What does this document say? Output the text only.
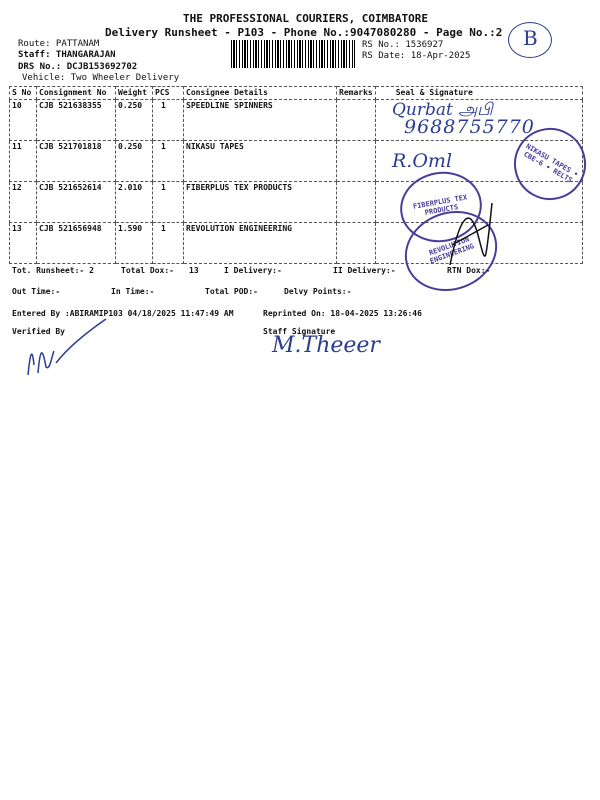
THE PROFESSIONAL COURIERS, COIMBATORE
Delivery Runsheet - P103 - Phone No.:9047080280 - Page No.:2 B
Route: PATTANAM
Staff: THANGARAJAN
DRS No.: DCJB153692702
Vehicle: Two Wheeler Delivery
RS No.: 1536927
RS Date: 18-Apr-2025
S No	Consignment No	Weight	PCS	Consignee Details	Remarks	Seal & Signature
10	CJB 521638355	0.250	1	SPEEDLINE SPINNERS		
11	CJB 521701818	0.250	1	NIKASU TAPES		
12	CJB 521652614	2.010	1	FIBERPLUS TEX PRODUCTS		
13	CJB 521656948	1.590	1	REVOLUTION ENGINEERING		
Qurbat அபி
9688755770
R.Oml	NIKASU TAPES • CBE-6 • RELTS
FIBERPLUS TEX PRODUCTS
REVOLUTION ENGINEERING
Tot. Runsheet:- 2	Total Dox:- 13	I Delivery:-	II Delivery:-	RTN Dox:-
Out Time:-	In Time:-	Total POD:-	Delvy Points:-
Entered By :ABIRAMIP103 04/18/2025 11:47:49 AM	Reprinted On: 18-04-2025 13:26:46
Verified By	Staff Signature
M.Theeer
